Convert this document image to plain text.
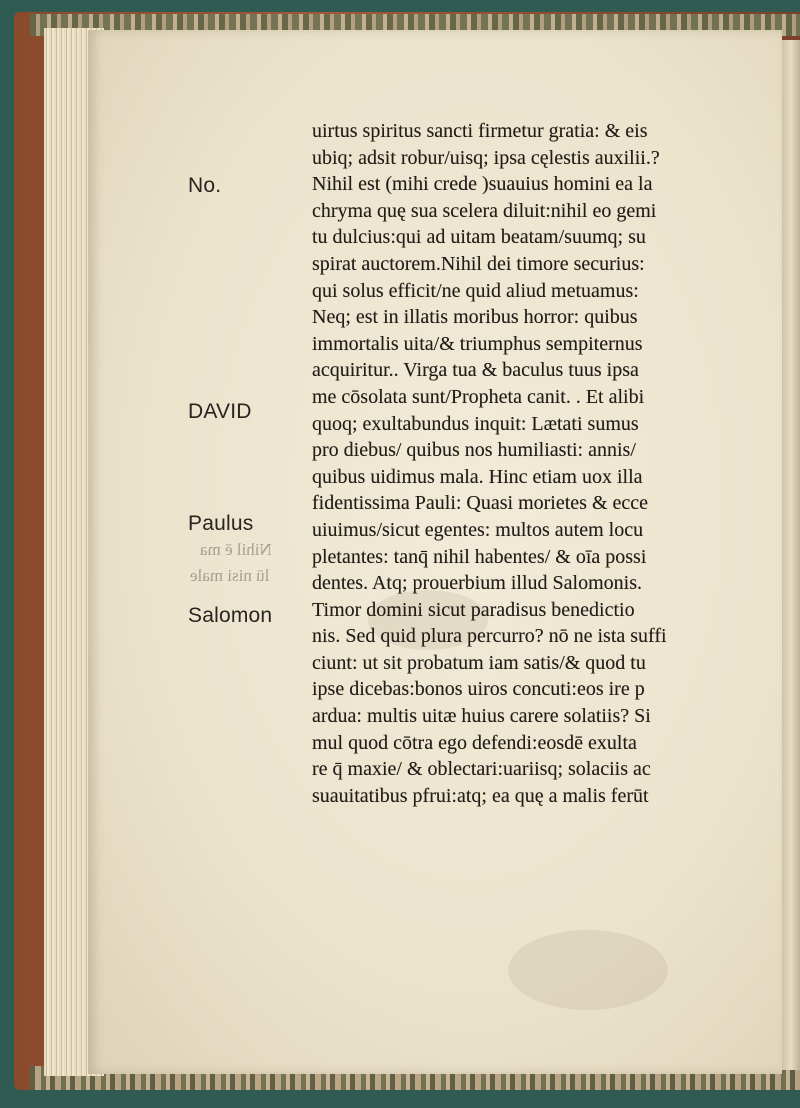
No.
DAVID
Paulus
Salomon
Nihil ē ma
lū nisi male
uirtus spiritus sancti firmetur gratia: & eis
ubiq; adsit robur/uisq; ipsa cęlestis auxilii.?
Nihil est (mihi crede )suauius homini ea la
chryma quę sua scelera diluit:nihil eo gemi
tu dulcius:qui ad uitam beatam/suumq; su
spirat auctorem.Nihil dei timore securius:
qui solus efficit/ne quid aliud metuamus:
Neq; est in illatis moribus horror: quibus
immortalis uita/& triumphus sempiternus
acquiritur.. Virga tua & baculus tuus ipsa
me cōsolata sunt/Propheta canit. . Et alibi
quoq; exultabundus inquit: Lætati sumus
pro diebus/ quibus nos humiliasti: annis/
quibus uidimus mala. Hinc etiam uox illa
fidentissima Pauli: Quasi morietes & ecce
uiuimus/sicut egentes: multos autem locu
pletantes: tanq̄ nihil habentes/ & oīa possi
dentes. Atq; prouerbium illud Salomonis.
Timor domini sicut paradisus benedictio
nis. Sed quid plura percurro? nō ne ista suffi
ciunt: ut sit probatum iam satis/& quod tu
ipse dicebas:bonos uiros concuti:eos ire p
ardua: multis uitæ huius carere solatiis? Si
mul quod cōtra ego defendi:eosdē exulta
re q̄ maxie/ & oblectari:uariisq; solaciis ac
suauitatibus pfrui:atq; ea quę a malis ferūt
